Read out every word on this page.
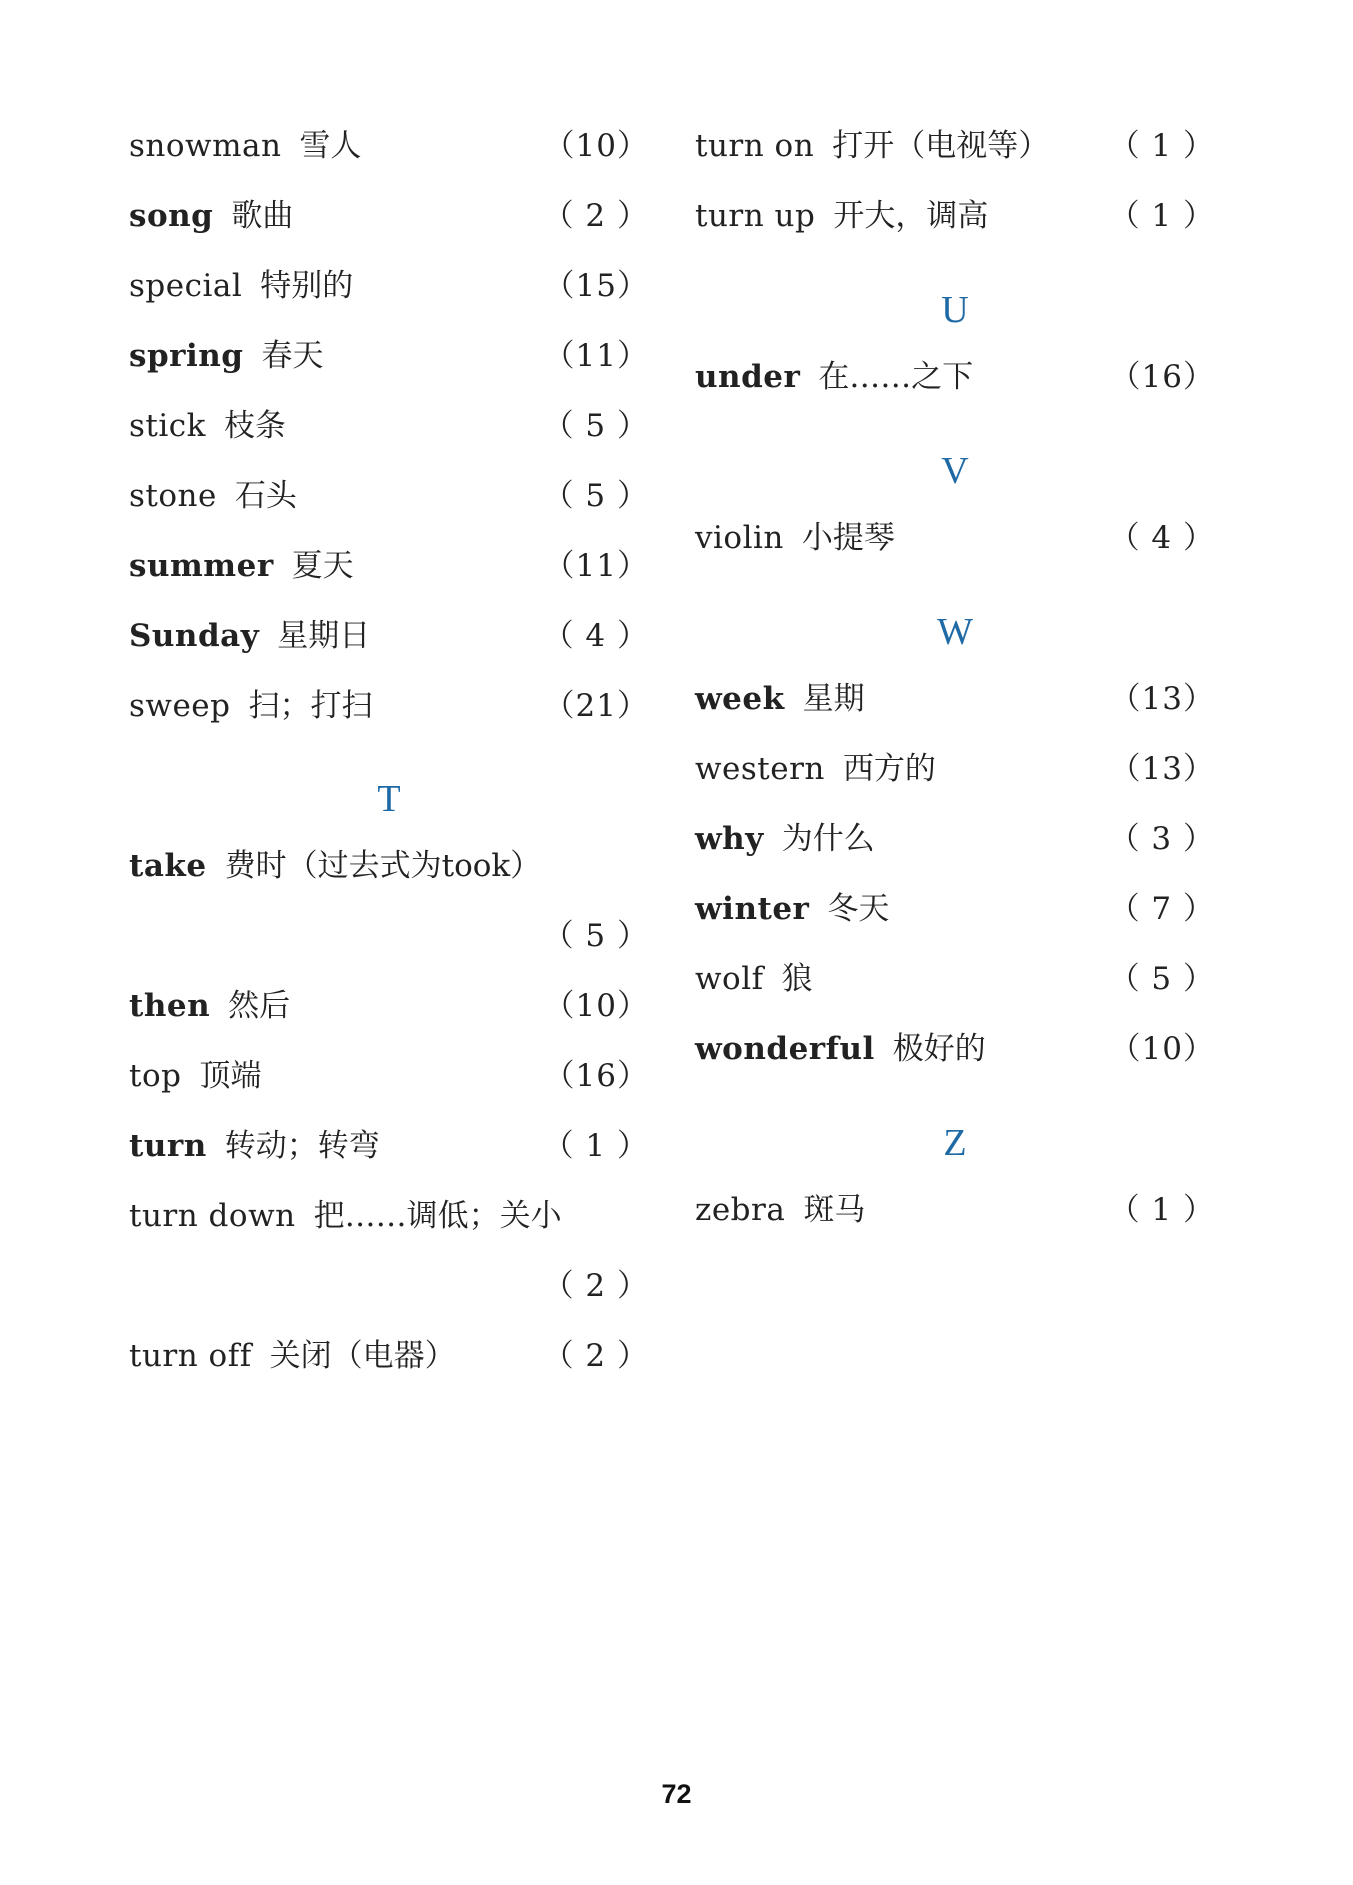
snowman 雪人	（10）
song 歌曲	（ 2 ）
special 特别的	（15）
spring 春天	（11）
stick 枝条	（ 5 ）
stone 石头	（ 5 ）
summer 夏天	（11）
Sunday 星期日	（ 4 ）
sweep 扫；打扫	（21）
T
take 费时（过去式为took）
（ 5 ）
then 然后	（10）
top 顶端	（16）
turn 转动；转弯	（ 1 ）
turn down 把……调低；关小
（ 2 ）
turn off 关闭（电器）	（ 2 ）
turn on 打开（电视等） （ 1 ）
turn up 开大，调高	（ 1 ）
U
under 在……之下	（16）
V
violin 小提琴	（ 4 ）
W
week 星期	（13）
western 西方的	（13）
why 为什么	（ 3 ）
winter 冬天	（ 7 ）
wolf 狼	（ 5 ）
wonderful 极好的	（10）
Z
zebra 斑马	（ 1 ）
72
